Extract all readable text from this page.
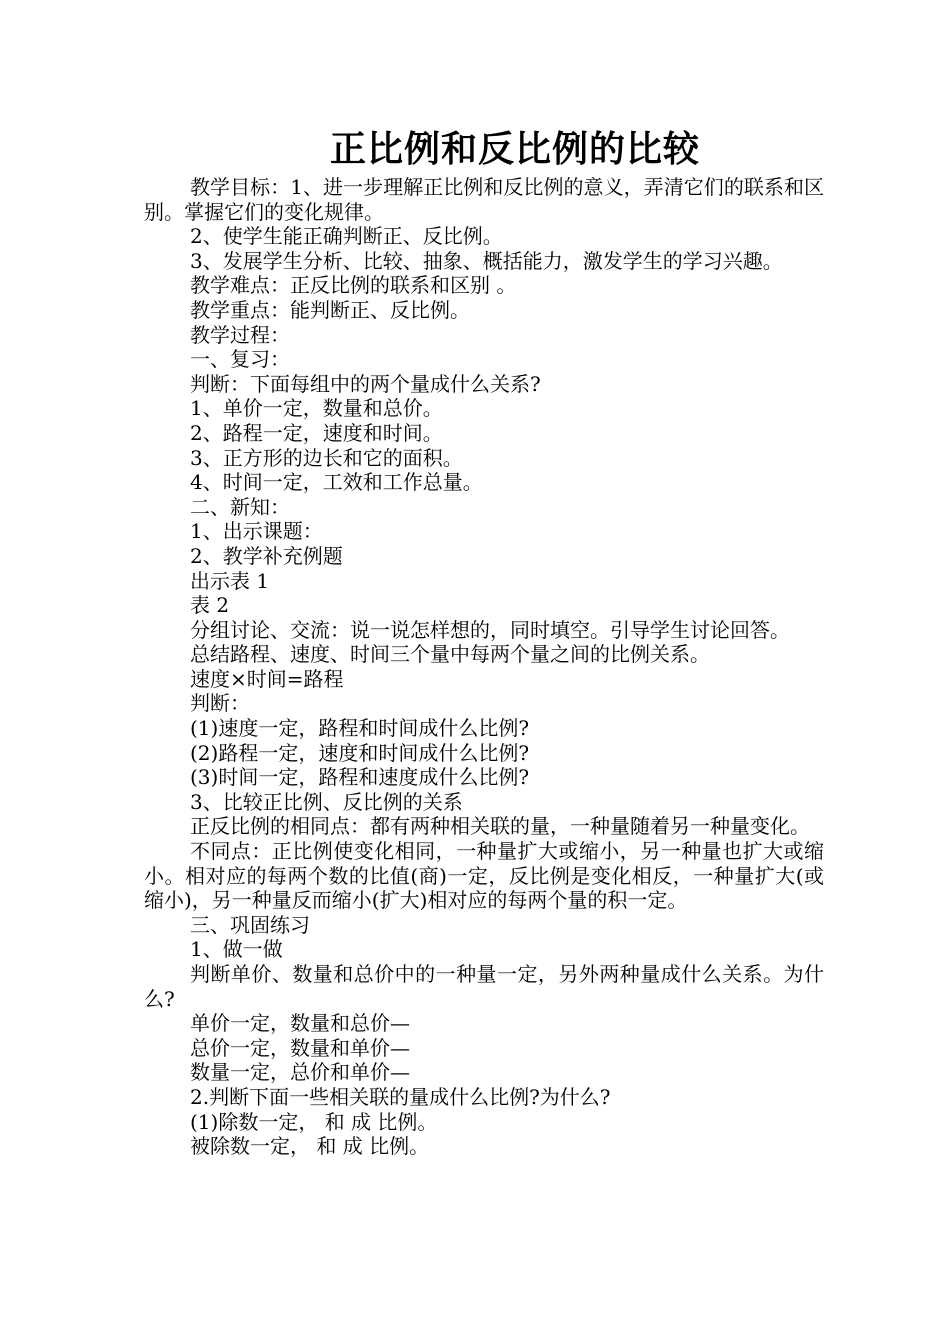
正比例和反比例的比较

教学目标：1、进一步理解正比例和反比例的意义，弄清它们的联系和区别。掌握它们的变化规律。

2、使学生能正确判断正、反比例。

3、发展学生分析、比较、抽象、概括能力，激发学生的学习兴趣。

教学难点：正反比例的联系和区别 。

教学重点：能判断正、反比例。

教学过程：

一、复习：

判断：下面每组中的两个量成什么关系?

1、单价一定，数量和总价。

2、路程一定，速度和时间。

3、正方形的边长和它的面积。

4、时间一定，工效和工作总量。

二、新知：

1、出示课题：

2、教学补充例题

出示表 1

表 2

分组讨论、交流：说一说怎样想的，同时填空。引导学生讨论回答。

总结路程、速度、时间三个量中每两个量之间的比例关系。

速度×时间=路程

判断：

(1)速度一定，路程和时间成什么比例?

(2)路程一定，速度和时间成什么比例?

(3)时间一定，路程和速度成什么比例?

3、比较正比例、反比例的关系

正反比例的相同点：都有两种相关联的量，一种量随着另一种量变化。

不同点：正比例使变化相同，一种量扩大或缩小，另一种量也扩大或缩小。相对应的每两个数的比值(商)一定，反比例是变化相反，一种量扩大(或缩小)，另一种量反而缩小(扩大)相对应的每两个量的积一定。

三、巩固练习

1、做一做

判断单价、数量和总价中的一种量一定，另外两种量成什么关系。为什么?

单价一定，数量和总价—

总价一定，数量和单价—

数量一定，总价和单价—

2.判断下面一些相关联的量成什么比例?为什么?

(1)除数一定， 和 成 比例。

被除数一定， 和 成 比例。
